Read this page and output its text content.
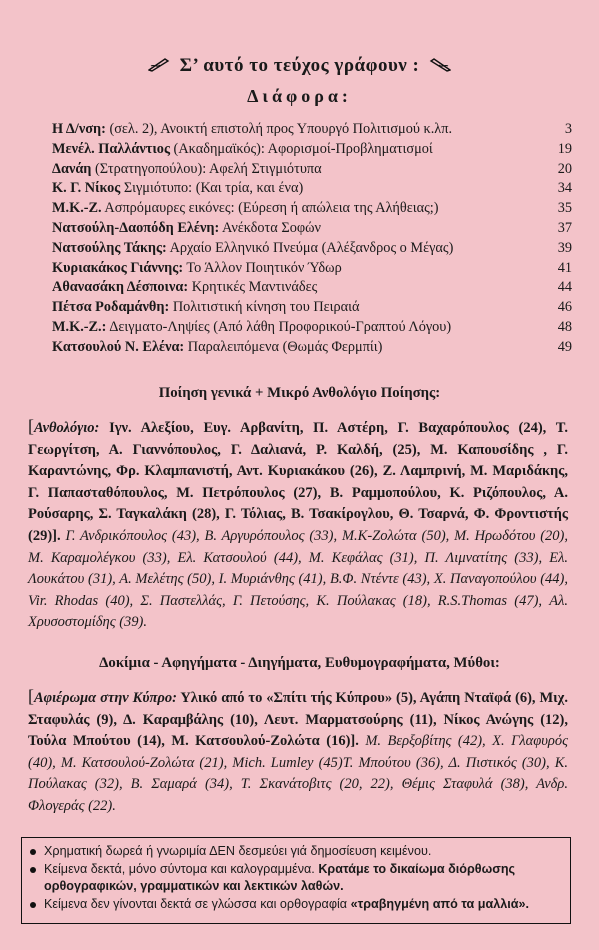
Σ’ αυτό το τεύχος γράφουν :
Διάφορα:
Η Δ/νση: (σελ. 2), Ανοικτή επιστολή προς Υπουργό Πολιτισμού κ.λπ.	3
Μενέλ. Παλλάντιος (Ακαδημαϊκός): Αφορισμοί-Προβληματισμοί	19
Δανάη (Στρατηγοπούλου): Αφελή Στιγμιότυπα	20
Κ. Γ. Νίκος Σιγμιότυπο: (Και τρία, και ένα)	34
Μ.Κ.-Ζ. Ασπρόμαυρες εικόνες: (Εύρεση ή απώλεια της Αλήθειας;)	35
Νατσούλη-Δαοπόδη Ελένη: Ανέκδοτα Σοφών	37
Νατσούλης Τάκης: Αρχαίο Ελληνικό Πνεύμα (Αλέξανδρος ο Μέγας)	39
Κυριακάκος Γιάννης: Το Άλλον Ποιητικόν Ύδωρ	41
Αθανασάκη Δέσποινα: Κρητικές Μαντινάδες	44
Πέτσα Ροδαμάνθη: Πολιτιστική κίνηση του Πειραιά	46
Μ.Κ.-Ζ.: Δειγματο-Ληψίες (Από λάθη Προφορικού-Γραπτού Λόγου)	48
Κατσουλού Ν. Ελένα: Παραλειπόμενα (Θωμάς Φερμπίι)	49
Ποίηση γενικά + Μικρό Ανθολόγιο Ποίησης:
[Ανθολόγιο: Ιγν. Αλεξίου, Ευγ. Αρβανίτη, Π. Αστέρη, Γ. Βαχαρόπουλος (24), Τ. Γεωργίτση, Α. Γιαννόπουλος, Γ. Δαλιανά, Ρ. Καλδή, (25), Μ. Καπουσίδης , Γ. Καραντώνης, Φρ. Κλαμπανιστή, Αντ. Κυριακάκου (26), Ζ. Λαμπρινή, Μ. Μαριδάκης, Γ. Παπασταθόπουλος, Μ. Πετρόπουλος (27), Β. Ραμμοπούλου, Κ. Ριζόπουλος, Α. Ρούσαρης, Σ. Ταγκαλάκη (28), Γ. Τόλιας, Β. Τσακίρογλου, Θ. Τσαρνά, Φ. Φροντιστής (29)]. Γ. Ανδρικόπουλος (43), Β. Αργυρόπουλος (33), Μ.Κ-Ζολώτα (50), Μ. Ηρωδότου (20), Μ. Καραμολέγκου (33), Ελ. Κατσουλού (44), Μ. Κεφάλας (31), Π. Λιμνατίτης (33), Ελ. Λουκάτου (31), Α. Μελέτης (50), Ι. Μυριάνθης (41), Β.Φ. Ντέντε (43), Χ. Παναγοπούλου (44), Vir. Rhodas (40), Σ. Παστελλάς, Γ. Πετούσης, Κ. Πούλακας (18), R.S.Thomas (47), Αλ. Χρυσοστομίδης (39).
Δοκίμια - Αφηγήματα - Διηγήματα, Ευθυμογραφήματα, Μύθοι:
[Αφιέρωμα στην Κύπρο: Υλικό από το «Σπίτι τής Κύπρου» (5), Αγάπη Νταϊφά (6), Μιχ. Σταφυλάς (9), Δ. Καραμβάλης (10), Λευτ. Μαρματσούρης (11), Νίκος Ανώγης (12), Τούλα Μπούτου (14), Μ. Κατσουλού-Ζολώτα (16)]. Μ. Βερξοβίτης (42), Χ. Γλαφυρός (40), Μ. Κατσουλού-Ζολώτα (21), Mich. Lumley (45)Τ. Μπούτου (36), Δ. Πιστικός (30), Κ. Πούλακας (32), Β. Σαμαρά (34), Τ. Σκανάτοβιτς (20, 22), Θέμις Σταφυλά (38), Ανδρ. Φλογεράς (22).
Χρηματική δωρεά ή γνωριμία ΔΕΝ δεσμεύει γιά δημοσίευση κειμένου.
Κείμενα δεκτά, μόνο σύντομα και καλογραμμένα. Κρατάμε το δικαίωμα διόρθωσης ορθογραφικών, γραμματικών και λεκτικών λαθών.
Κείμενα δεν γίνονται δεκτά σε γλώσσα και ορθογραφία «τραβηγμένη από τα μαλλιά».
